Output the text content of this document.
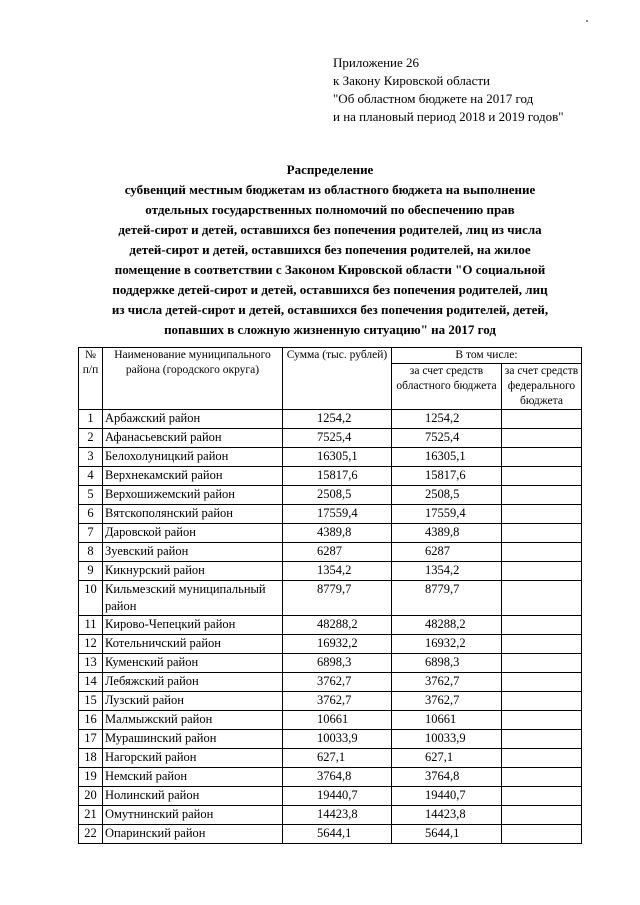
Приложение 26
к Закону Кировской области
"Об областном бюджете на 2017 год
и на плановый период 2018 и 2019 годов"
Распределение
субвенций местным бюджетам из областного бюджета на выполнение
отдельных государственных полномочий по обеспечению прав
детей-сирот и детей, оставшихся без попечения родителей, лиц из числа
детей-сирот и детей, оставшихся без попечения родителей, на жилое
помещение в соответствии с Законом Кировской области "О социальной
поддержке детей-сирот и детей, оставшихся без попечения родителей, лиц
из числа детей-сирот и детей, оставшихся без попечения родителей, детей,
попавших в сложную жизненную ситуацию" на 2017 год
№ п/п	Наименование муниципального района (городского округа)	Сумма (тыс. рублей)	В том числе:	
			за счет средств областного бюджета	за счет средств федерального бюджета
1	Арбажский район	1254,2	1254,2	
2	Афанасьевский район	7525,4	7525,4	
3	Белохолуницкий район	16305,1	16305,1	
4	Верхнекамский район	15817,6	15817,6	
5	Верхошижемский район	2508,5	2508,5	
6	Вятскополянский район	17559,4	17559,4	
7	Даровской район	4389,8	4389,8	
8	Зуевский район	6287	6287	
9	Кикнурский район	1354,2	1354,2	
10	Кильмезский муниципальный район	8779,7	8779,7	
11	Кирово-Чепецкий район	48288,2	48288,2	
12	Котельничский район	16932,2	16932,2	
13	Куменский район	6898,3	6898,3	
14	Лебяжский район	3762,7	3762,7	
15	Лузский район	3762,7	3762,7	
16	Малмыжский район	10661	10661	
17	Мурашинский район	10033,9	10033,9	
18	Нагорский район	627,1	627,1	
19	Немский район	3764,8	3764,8	
20	Нолинский район	19440,7	19440,7	
21	Омутнинский район	14423,8	14423,8	
22	Опаринский район	5644,1	5644,1	
